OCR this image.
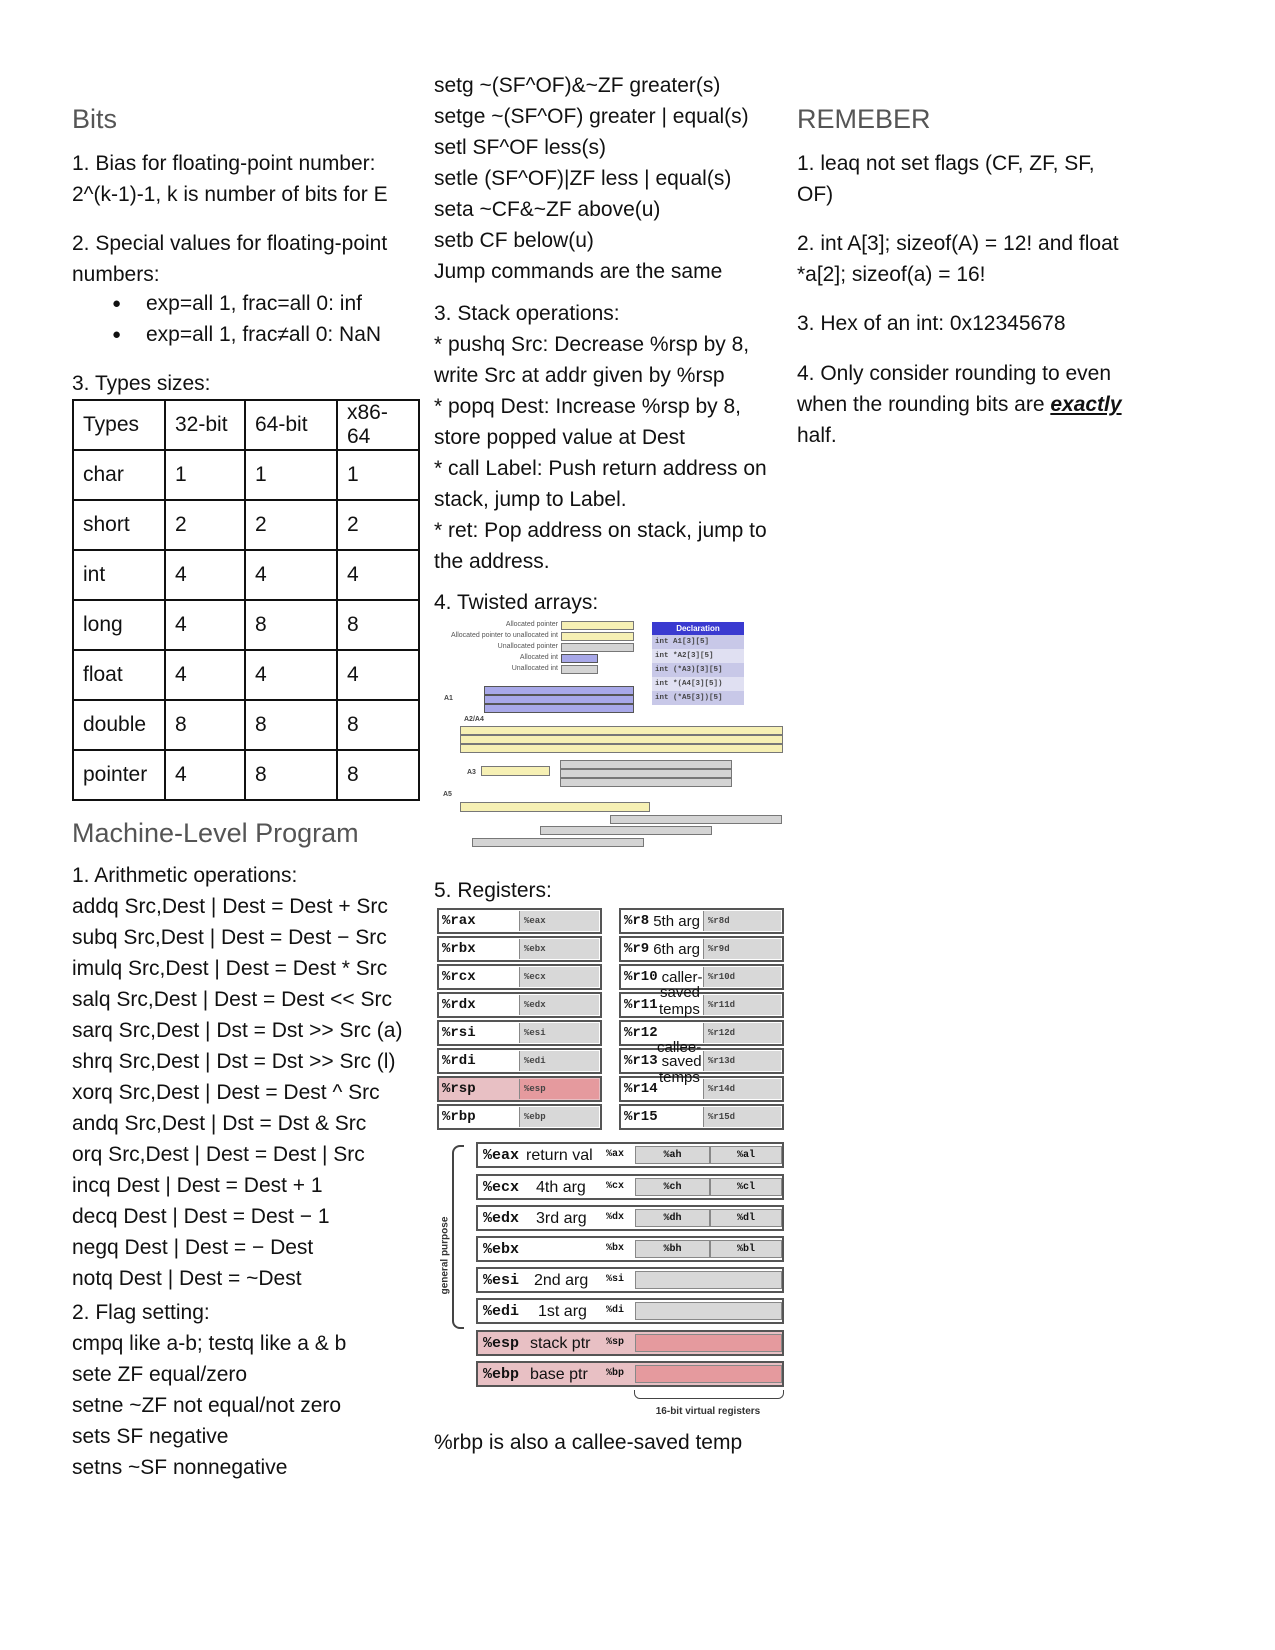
Bits
1. Bias for floating-point number:
2^(k-1)-1, k is number of bits for E
2. Special values for floating-point
numbers:
● exp=all 1, frac=all 0: inf
● exp=all 1, frac≠all 0: NaN
3. Types sizes:
Types	32-bit	64-bit	x86-64
char	1	1	1
short	2	2	2
int	4	4	4
long	4	8	8
float	4	4	4
double	8	8	8
pointer	4	8	8
Machine-Level Program
1. Arithmetic operations:
addq Src,Dest | Dest = Dest + Src
subq Src,Dest | Dest = Dest − Src
imulq Src,Dest | Dest = Dest * Src
salq Src,Dest | Dest = Dest << Src
sarq Src,Dest | Dst = Dst >> Src (a)
shrq Src,Dest | Dst = Dst >> Src (l)
xorq Src,Dest | Dest = Dest ^ Src
andq Src,Dest | Dst = Dst & Src
orq Src,Dest | Dest = Dest | Src
incq Dest | Dest = Dest + 1
decq Dest | Dest = Dest − 1
negq Dest | Dest = − Dest
notq Dest | Dest = ~Dest
2. Flag setting:
cmpq like a-b; testq like a & b
sete ZF equal/zero
setne ~ZF not equal/not zero
sets SF negative
setns ~SF nonnegative
setg ~(SF^OF)&~ZF greater(s)
setge ~(SF^OF) greater | equal(s)
setl SF^OF less(s)
setle (SF^OF)|ZF less | equal(s)
seta ~CF&~ZF above(u)
setb CF below(u)
Jump commands are the same
3. Stack operations:
* pushq Src: Decrease %rsp by 8,
write Src at addr given by %rsp
* popq Dest: Increase %rsp by 8,
store popped value at Dest
* call Label: Push return address on
stack, jump to Label.
* ret: Pop address on stack, jump to
the address.
4. Twisted arrays:
Allocated pointer
Allocated pointer to unallocated int
Unallocated pointer
Allocated int
Unallocated int
Declaration
int A1[3][5]
int *A2[3][5]
int (*A3)[3][5]
int *(A4[3][5])
int (*A5[3])[5]
A1
A2/A4
A3
A5
5. Registers:
%rax	%eax
%rbx	%ebx
%rcx	%ecx
%rdx	%edx
%rsi	%esi
%rdi	%edi
%rsp	%esp
%rbp	%ebp
%r8 5th arg %r8d
%r9 6th arg %r9d
%r10 caller- %r10d
%r11	%r11d
%r12	%r12d
%r13 saved %r13d
%r14	%r14d
%r15	%r15d
saved
temps
callee-
temps
general purpose
%eax return val %ax	%ah	%al
%ecx 4th arg %cx	%ch	%cl
%edx 3rd arg %dx	%dh	%dl
%ebx	%bx	%bh	%bl
%esi 2nd arg %si
%edi 1st arg %di
%esp stack ptr %sp
%ebp base ptr %bp
16-bit virtual registers
%rbp is also a callee-saved temp
REMEBER
1. leaq not set flags (CF, ZF, SF,
OF)
2. int A[3]; sizeof(A) = 12! and float
*a[2]; sizeof(a) = 16!
3. Hex of an int: 0x12345678
4. Only consider rounding to even
when the rounding bits are exactly
half.
